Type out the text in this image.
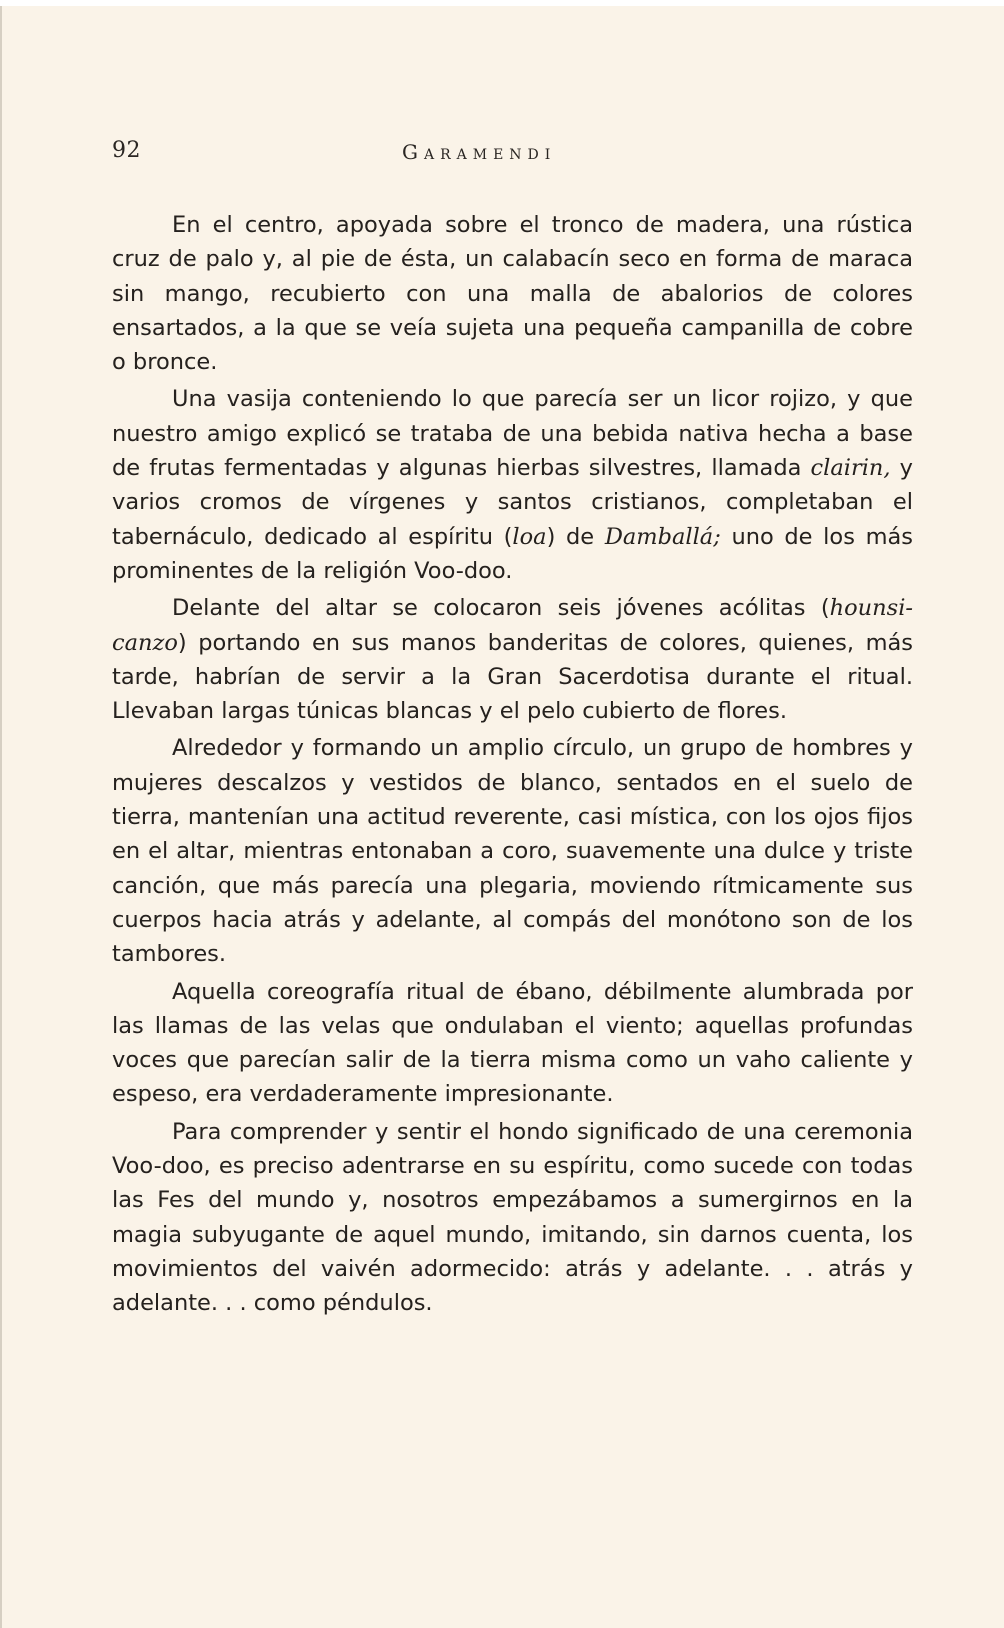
92	Garamendi

En el centro, apoyada sobre el tronco de madera, una rústica cruz de palo y, al pie de ésta, un calabacín seco en forma de maraca sin mango, recubierto con una malla de abalorios de colores ensartados, a la que se veía sujeta una pequeña campanilla de cobre o bronce.

Una vasija conteniendo lo que parecía ser un licor rojizo, y que nuestro amigo explicó se trataba de una bebida nativa hecha a base de frutas fermentadas y algunas hierbas silvestres, llamada clairin, y varios cromos de vírgenes y santos cristianos, completaban el tabernáculo, dedicado al espíritu (loa) de Damballá; uno de los más prominentes de la religión Voo-doo.

Delante del altar se colocaron seis jóvenes acólitas (hounsi-canzo) portando en sus manos banderitas de colores, quienes, más tarde, habrían de servir a la Gran Sacerdotisa durante el ritual. Llevaban largas túnicas blancas y el pelo cubierto de flores.

Alrededor y formando un amplio círculo, un grupo de hombres y mujeres descalzos y vestidos de blanco, sentados en el suelo de tierra, mantenían una actitud reverente, casi mística, con los ojos fijos en el altar, mientras entonaban a coro, suavemente una dulce y triste canción, que más parecía una plegaria, moviendo rítmicamente sus cuerpos hacia atrás y adelante, al compás del monótono son de los tambores.

Aquella coreografía ritual de ébano, débilmente alumbrada por las llamas de las velas que ondulaban el viento; aquellas profundas voces que parecían salir de la tierra misma como un vaho caliente y espeso, era verdaderamente impresionante.

Para comprender y sentir el hondo significado de una ceremonia Voo-doo, es preciso adentrarse en su espíritu, como sucede con todas las Fes del mundo y, nosotros empezábamos a sumergirnos en la magia subyugante de aquel mundo, imitando, sin darnos cuenta, los movimientos del vaivén adormecido: atrás y adelante. . . atrás y adelante. . . como péndulos.
